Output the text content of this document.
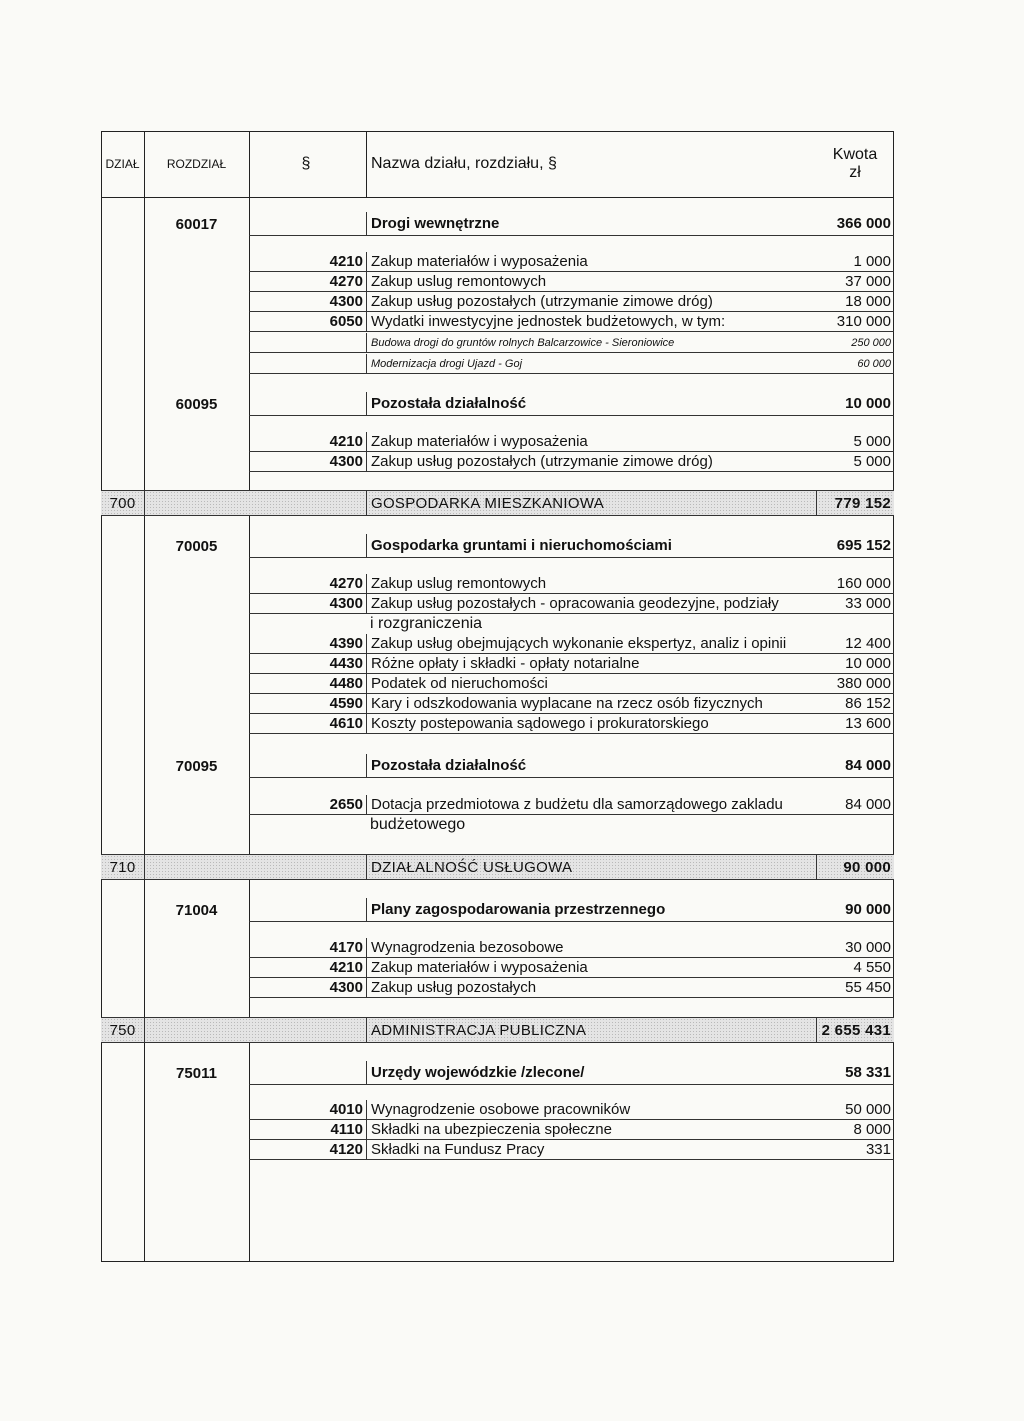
DZIAŁ	ROZDZIAŁ	§	Nazwa działu, rozdziału, §
Kwota
zł
60017	Drogi wewnętrzne	366 000
4210 Zakup materiałów i wyposażenia	1 000
4270 Zakup uslug remontowych	37 000
4300 Zakup usług pozostałych (utrzymanie zimowe dróg)	18 000
6050 Wydatki inwestycyjne jednostek budżetowych, w tym:	310 000
Budowa drogi do gruntów rolnych Balcarzowice - Sieroniowice	250 000
Modernizacja drogi Ujazd - Goj	60 000
60095	Pozostała działalność	10 000
4210 Zakup materiałów i wyposażenia	5 000
4300 Zakup usług pozostałych (utrzymanie zimowe dróg)	5 000
700	GOSPODARKA MIESZKANIOWA	779 152
70005	Gospodarka gruntami i nieruchomościami	695 152
4270 Zakup uslug remontowych	160 000
4300 Zakup usług pozostałych - opracowania geodezyjne, podziały	33 000
i rozgraniczenia
4390 Zakup usług obejmujących wykonanie ekspertyz, analiz i opinii	12 400
4430 Różne opłaty i składki - opłaty notarialne	10 000
4480 Podatek od nieruchomości	380 000
4590 Kary i odszkodowania wyplacane na rzecz osób fizycznych	86 152
4610 Koszty postepowania sądowego i prokuratorskiego	13 600
70095	Pozostała działalność	84 000
2650 Dotacja przedmiotowa z budżetu dla samorządowego zakladu	84 000
budżetowego
710	DZIAŁALNOŚĆ USŁUGOWA	90 000
71004	Plany zagospodarowania przestrzennego	90 000
4170 Wynagrodzenia bezosobowe	30 000
4210 Zakup materiałów i wyposażenia	4 550
4300 Zakup usług pozostałych	55 450
750	ADMINISTRACJA PUBLICZNA	2 655 431
75011	Urzędy wojewódzkie /zlecone/	58 331
4010 Wynagrodzenie osobowe pracowników	50 000
4110 Składki na ubezpieczenia społeczne	8 000
4120 Składki na Fundusz Pracy	331
